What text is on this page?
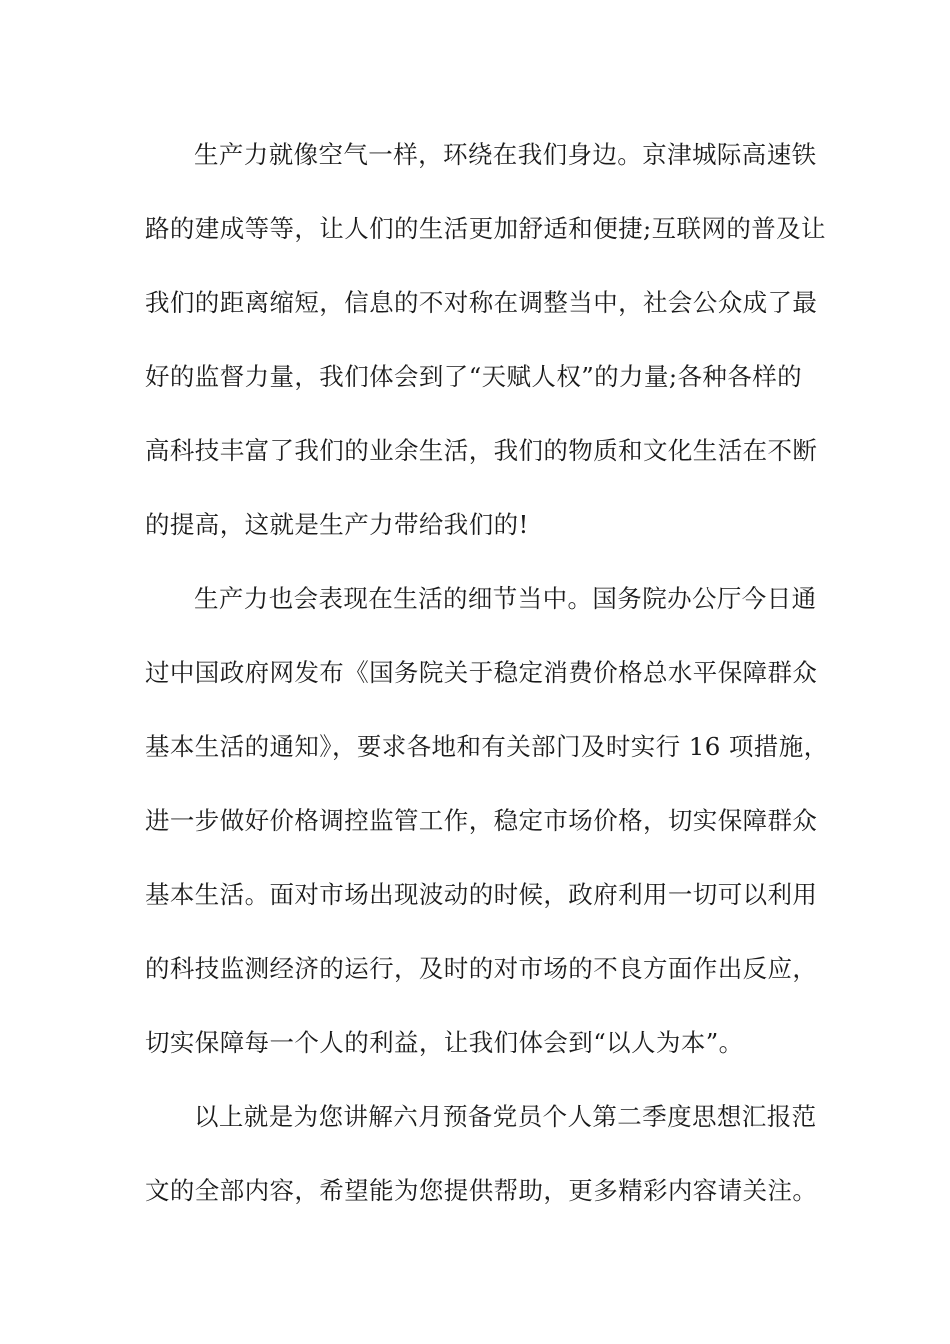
生产力就像空气一样，环绕在我们身边。京津城际高速铁
路的建成等等，让人们的生活更加舒适和便捷;互联网的普及让
我们的距离缩短，信息的不对称在调整当中，社会公众成了最
好的监督力量，我们体会到了“天赋人权”的力量;各种各样的
高科技丰富了我们的业余生活，我们的物质和文化生活在不断
的提高，这就是生产力带给我们的!

生产力也会表现在生活的细节当中。国务院办公厅今日通
过中国政府网发布《国务院关于稳定消费价格总水平保障群众
基本生活的通知》，要求各地和有关部门及时实行 16 项措施，
进一步做好价格调控监管工作，稳定市场价格，切实保障群众
基本生活。面对市场出现波动的时候，政府利用一切可以利用
的科技监测经济的运行，及时的对市场的不良方面作出反应，
切实保障每一个人的利益，让我们体会到“以人为本”。

以上就是为您讲解六月预备党员个人第二季度思想汇报范
文的全部内容，希望能为您提供帮助，更多精彩内容请关注。
